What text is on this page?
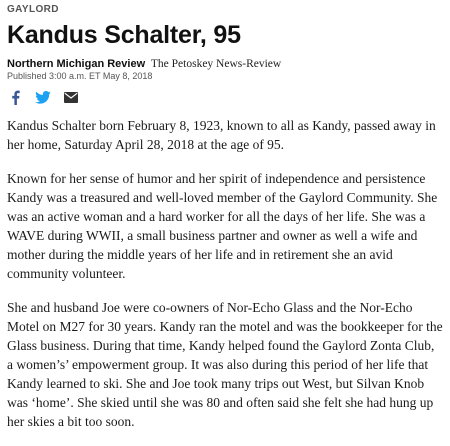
GAYLORD
Kandus Schalter, 95
Northern Michigan Review The Petoskey News-Review
Published 3:00 a.m. ET May 8, 2018

Kandus Schalter born February 8, 1923, known to all as Kandy, passed away in her home, Saturday April 28, 2018 at the age of 95.

Known for her sense of humor and her spirit of independence and persistence Kandy was a treasured and well-loved member of the Gaylord Community. She was an active woman and a hard worker for all the days of her life. She was a WAVE during WWII, a small business partner and owner as well a wife and mother during the middle years of her life and in retirement she an avid community volunteer.

She and husband Joe were co-owners of Nor-Echo Glass and the Nor-Echo Motel on M27 for 30 years. Kandy ran the motel and was the bookkeeper for the Glass business. During that time, Kandy helped found the Gaylord Zonta Club, a women’s’ empowerment group. It was also during this period of her life that Kandy learned to ski. She and Joe took many trips out West, but Silvan Knob was ‘home’. She skied until she was 80 and often said she felt she had hung up her skies a bit too soon.
